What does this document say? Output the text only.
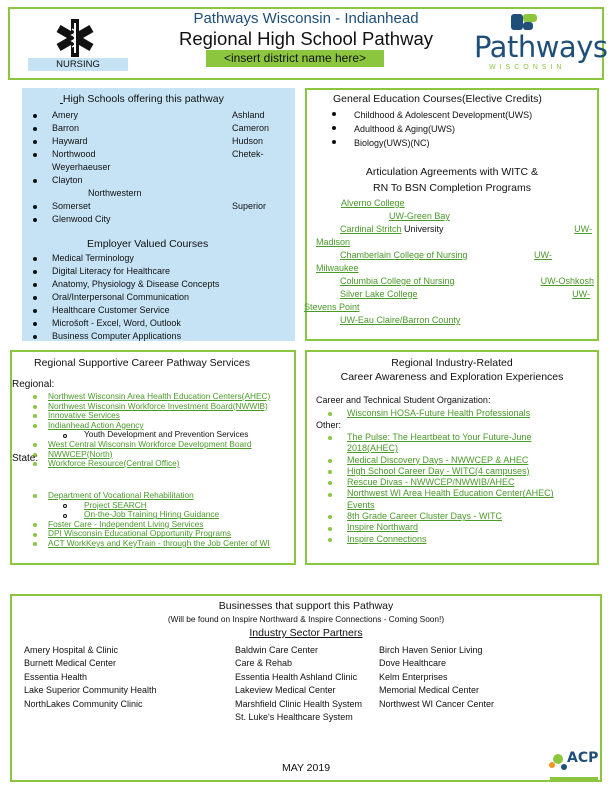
Pathways Wisconsin - Indianhead
Regional High School Pathway
<insert district name here>
NURSING
Pathways
WISCONSIN
High Schools offering this pathway
Amery
Barron
Hayward
Northwood
Weyerhaeuser
Clayton
Northwestern
Somerset
Glenwood City
Ashland
Cameron
Hudson
Chetek-
Superior
Employer Valued Courses
Medical Terminology
Digital Literacy for Healthcare
Anatomy, Physiology & Disease Concepts
Oral/Interpersonal Communication
Healthcare Customer Service
Microšoft - Excel, Word, Outlook
Business Computer Applications
General Education Courses(Elective Credits)
Childhood & Adolescent Development(UWS)
Adulthood & Aging(UWS)
Biology(UWS)(NC)
Articulation Agreements with WITC &
RN To BSN Completion Programs
Alverno College
UW-Green Bay
Cardinal Stritch University	UW-
Madison
Chamberlain College of Nursing	UW-
Milwaukee
Columbia College of Nursing	UW-Oshkosh
Silver Lake College	UW-
Stevens Point
UW-Eau Claire/Barron County
Regional Supportive Career Pathway Services
Regional:
Northwest Wisconsin Area Health Education Centers(AHEC)
Northwest Wisconsin Workforce Investment Board(NWWIB)
Innovative Services
Indianhead Action Agency
Youth Development and Prevention Services
West Central Wisconsin Workforce Development Board
NWWCEP(North)
Workforce Resource(Central Office)
State:
Department of Vocational Rehabilitation
Project SEARCH
On-the-Job Training Hiring Guidance
Foster Care - Independent Living Services
DPI Wisconsin Educational Opportunity Programs
ACT WorkKeys and KeyTrain - through the Job Center of WI
Regional Industry-Related
Career Awareness and Exploration Experiences
Career and Technical Student Organization:
Wisconsin HOSA-Future Health Professionals
Other:
The Pulse: The Heartbeat to Your Future-June
2018(AHEC)
Medical Discovery Days - NWWCEP & AHEC
High School Career Day - WITC(4 campuses)
Rescue Divas - NWWCEP/NWWIB/AHEC
Northwest WI Area Health Education Center(AHEC)
Events
8th Grade Career Cluster Days - WITC
Inspire Northward
Inspire Connections
Businesses that support this Pathway
(Will be found on Inspire Northward & Inspire Connections - Coming Soon!)
Industry Sector Partners
Amery Hospital & Clinic
Burnett Medical Center
Essentia Health
Lake Superior Community Health
NorthLakes Community Clinic
Baldwin Care Center
Care & Rehab
Essentia Health Ashland Clinic
Lakeview Medical Center
Marshfield Clinic Health System
St. Luke's Healthcare System
Birch Haven Senior Living
Dove Healthcare
Kelm Enterprises
Memorial Medical Center
Northwest WI Cancer Center
MAY 2019
ACP
